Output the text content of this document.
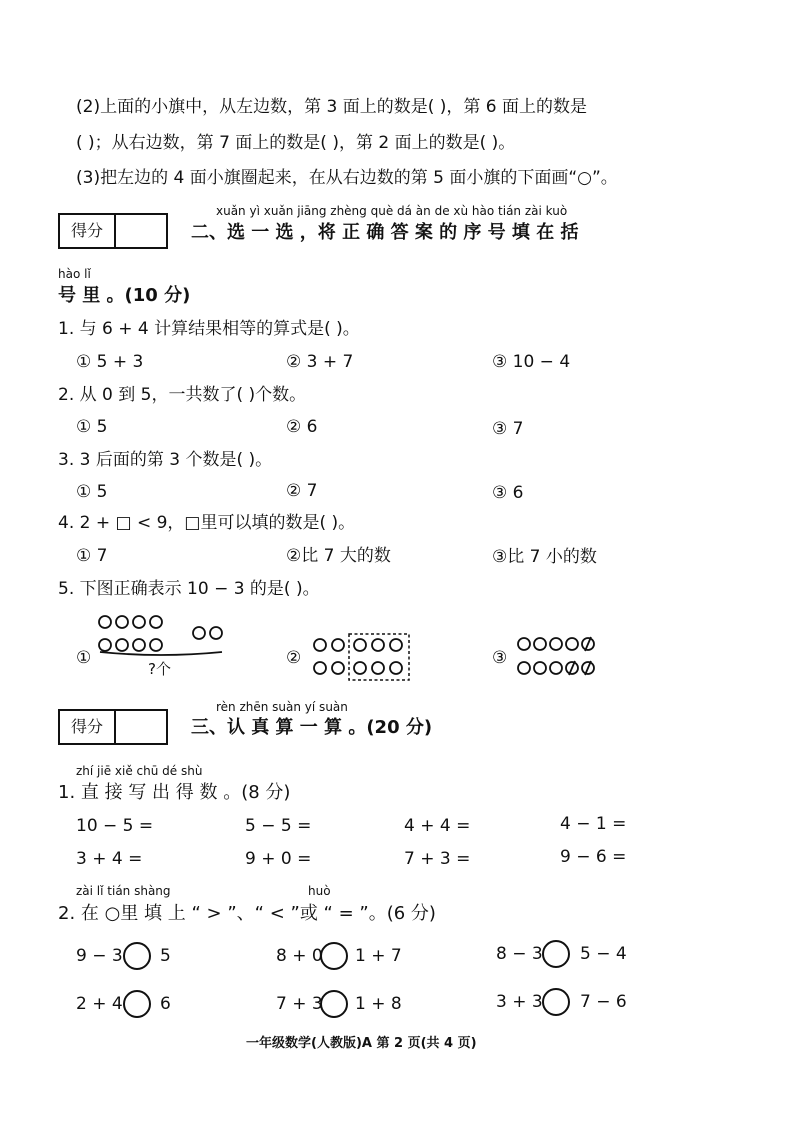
(2)上面的小旗中，从左边数，第 3 面上的数是( )，第 6 面上的数是
( )；从右边数，第 7 面上的数是( )，第 2 面上的数是( )。
(3)把左边的 4 面小旗圈起来，在从右边数的第 5 面小旗的下面画“○”。
得分
xuǎn yì xuǎn jiāng zhèng què dá àn de xù hào tián zài kuò
二、选 一 选 ，将 正 确 答 案 的 序 号 填 在 括
hào lǐ
号 里 。(10 分)
1. 与 6 + 4 计算结果相等的算式是( )。
① 5 + 3	② 3 + 7	③ 10 − 4
2. 从 0 到 5，一共数了( )个数。
① 5	② 6	③ 7
3. 3 后面的第 3 个数是( )。
① 5	② 7	③ 6
4. 2 + □ < 9，□里可以填的数是( )。
① 7	②比 7 大的数	③比 7 小的数
5. 下图正确表示 10 − 3 的是( )。
①
?个
②	③
得分
rèn zhēn suàn yí suàn
三、认 真 算 一 算 。(20 分)
zhí jiē xiě chū dé shù
1. 直 接 写 出 得 数 。(8 分)
10 − 5 =	5 − 5 =	4 + 4 =	4 − 1 =
3 + 4 =	9 + 0 =	7 + 3 =	9 − 6 =
zài lǐ tián shàng	huò
2. 在 ○里 填 上 “ > ”、“ < ”或 “ = ”。(6 分)
9 − 3 5	8 + 0 1 + 7	8 − 3 5 − 4
2 + 4 6	7 + 3 1 + 8	3 + 3 7 − 6
一年级数学(人教版)A 第 2 页(共 4 页)
